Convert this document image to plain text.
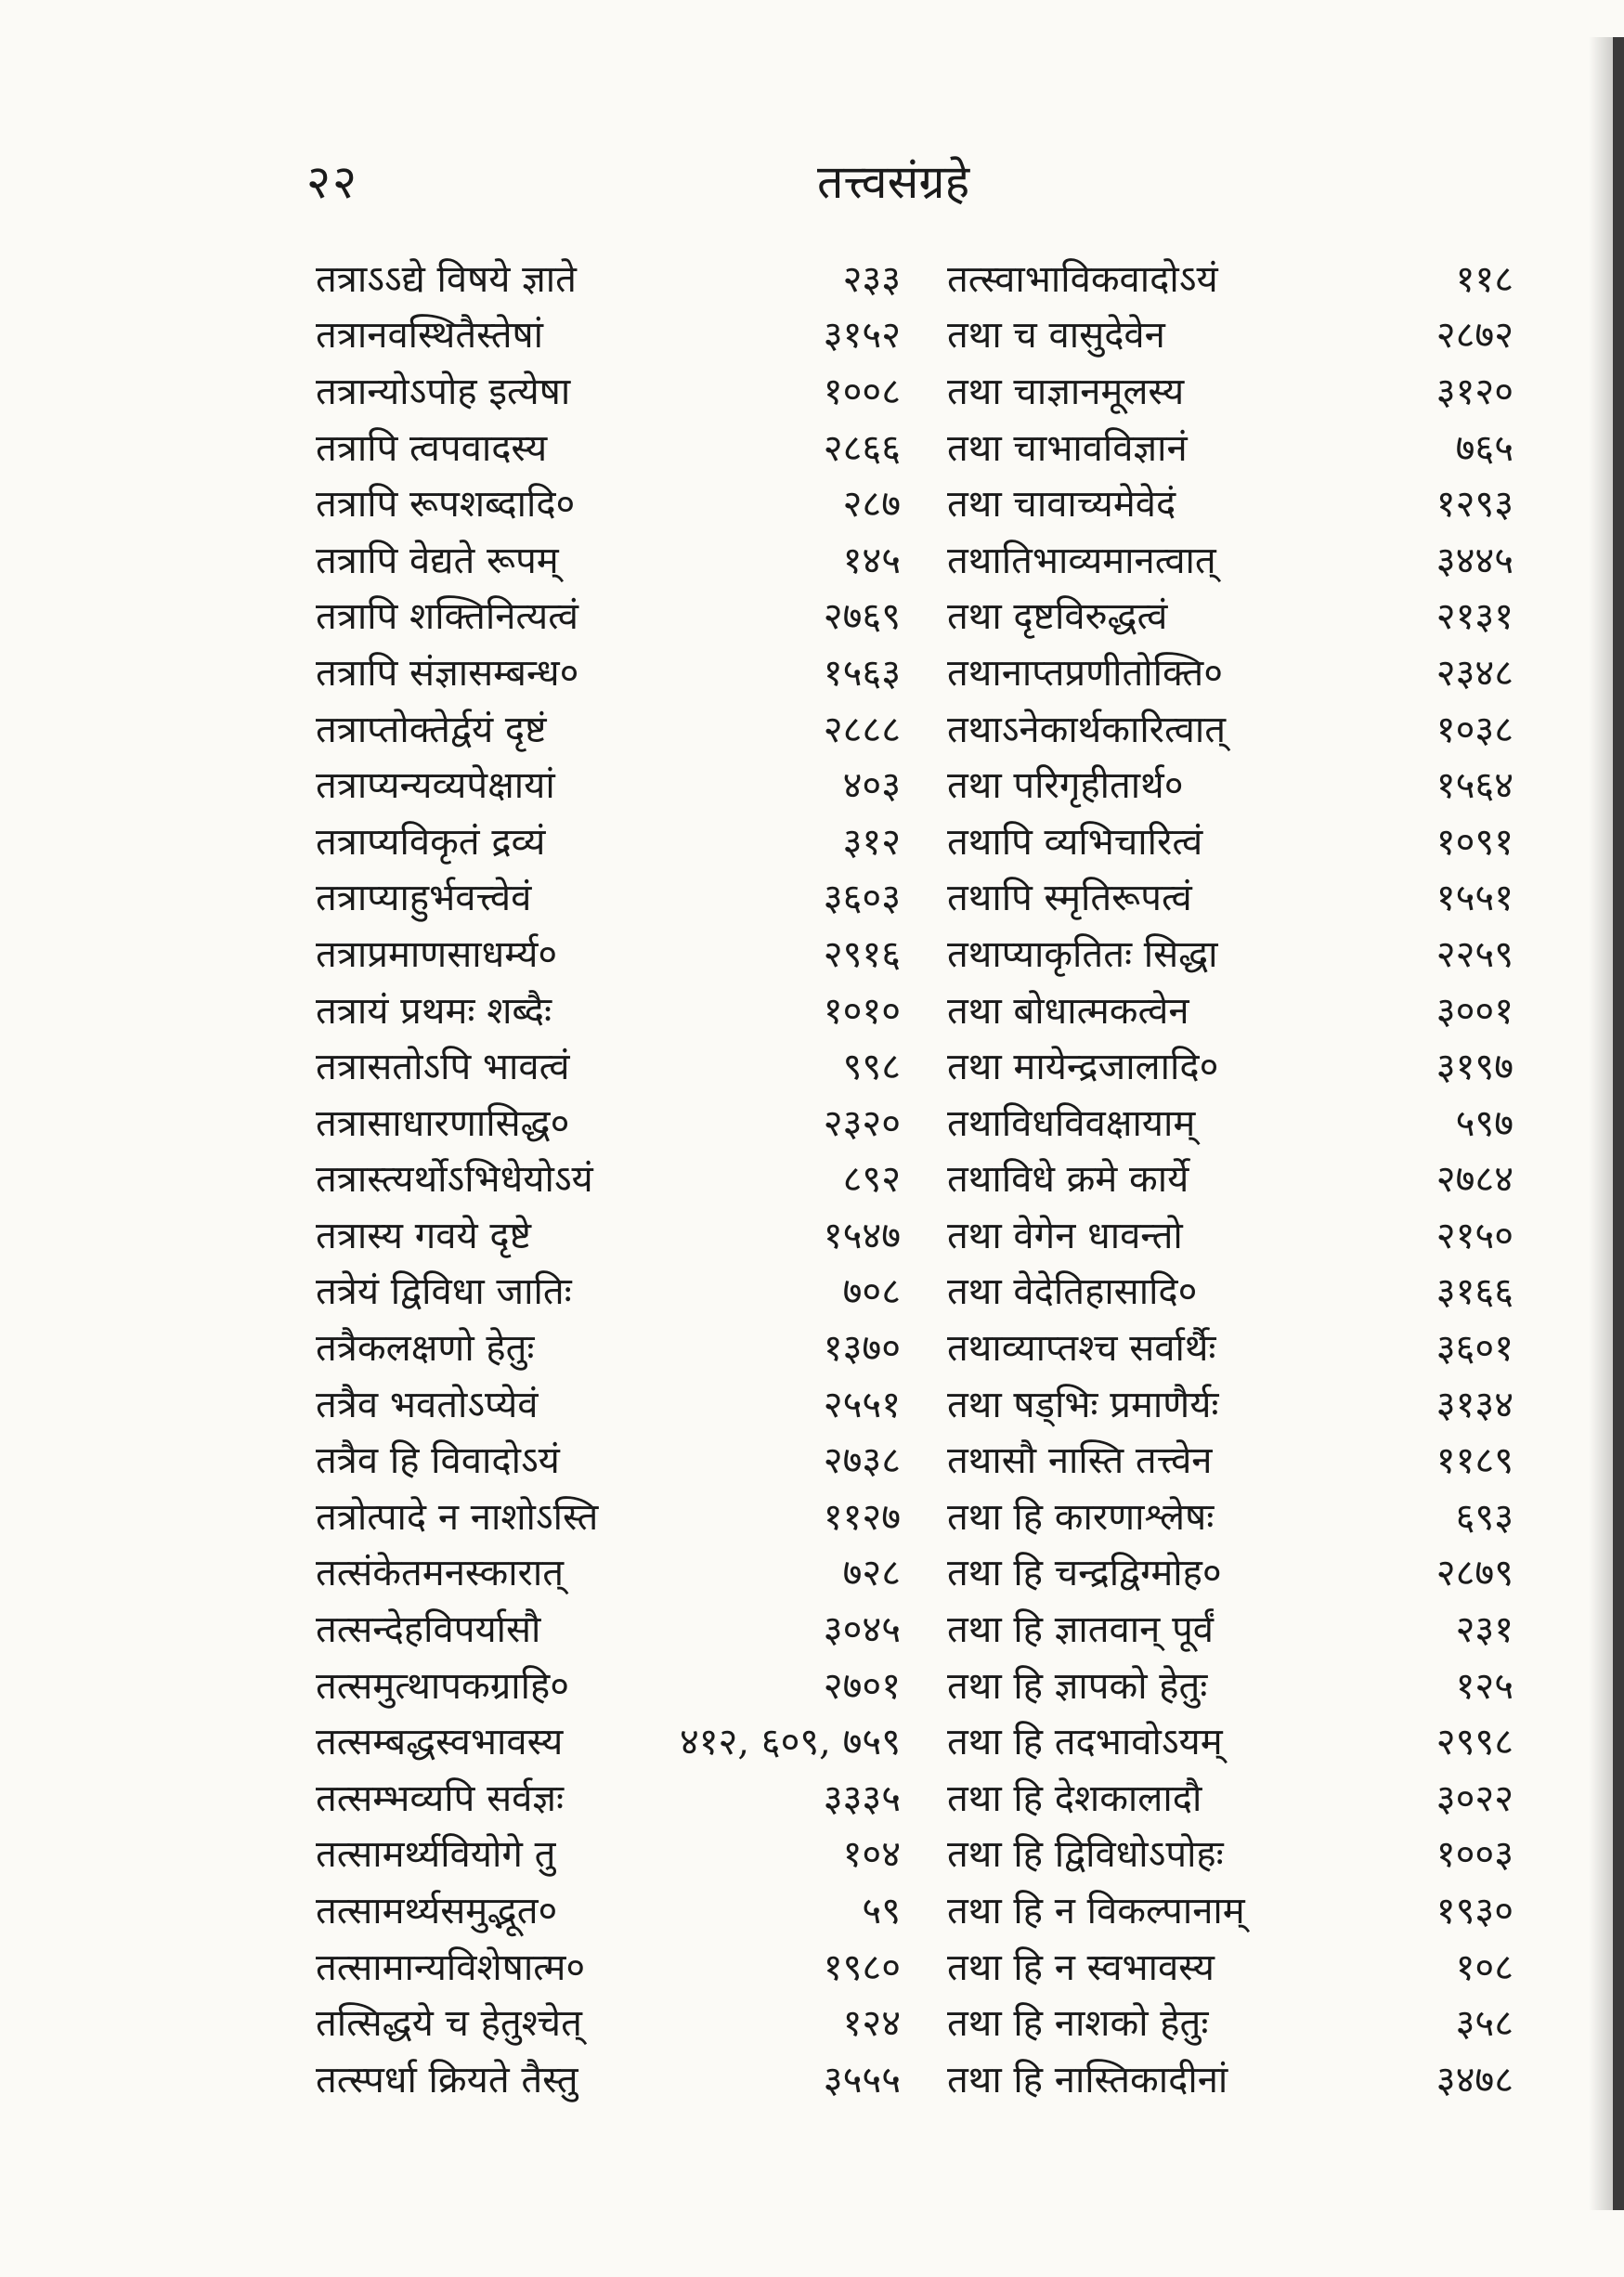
२२	तत्त्वसंग्रहे
तत्राऽऽद्ये विषये ज्ञाते	२३३
तत्रानवस्थितैस्तेषां	३१५२
तत्रान्योऽपोह इत्येषा	१००८
तत्रापि त्वपवादस्य	२८६६
तत्रापि रूपशब्दादि०	२८७
तत्रापि वेद्यते रूपम्	१४५
तत्रापि शक्तिनित्यत्वं	२७६९
तत्रापि संज्ञासम्बन्ध०	१५६३
तत्राप्तोक्तेर्द्वयं दृष्टं	२८८८
तत्राप्यन्यव्यपेक्षायां	४०३
तत्राप्यविकृतं द्रव्यं	३१२
तत्राप्याहुर्भवत्त्वेवं	३६०३
तत्राप्रमाणसाधर्म्य०	२९१६
तत्रायं प्रथमः शब्दैः	१०१०
तत्रासतोऽपि भावत्वं	९९८
तत्रासाधारणासिद्ध०	२३२०
तत्रास्त्यर्थोऽभिधेयोऽयं	८९२
तत्रास्य गवये दृष्टे	१५४७
तत्रेयं द्विविधा जातिः	७०८
तत्रैकलक्षणो हेतुः	१३७०
तत्रैव भवतोऽप्येवं	२५५१
तत्रैव हि विवादोऽयं	२७३८
तत्रोत्पादे न नाशोऽस्ति	११२७
तत्संकेतमनस्कारात्	७२८
तत्सन्देहविपर्यासौ	३०४५
तत्समुत्थापकग्राहि०	२७०१
तत्सम्बद्धस्वभावस्य	४१२, ६०९, ७५९
तत्सम्भव्यपि सर्वज्ञः	३३३५
तत्सामर्थ्यवियोगे तु	१०४
तत्सामर्थ्यसमुद्भूत०	५९
तत्सामान्यविशेषात्म०	१९८०
तत्सिद्धये च हेतुश्चेत्	१२४
तत्स्पर्धा क्रियते तैस्तु	३५५५
तत्स्वाभाविकवादोऽयं	११८
तथा च वासुदेवेन	२८७२
तथा चाज्ञानमूलस्य	३१२०
तथा चाभावविज्ञानं	७६५
तथा चावाच्यमेवेदं	१२९३
तथातिभाव्यमानत्वात्	३४४५
तथा दृष्टविरुद्धत्वं	२१३१
तथानाप्तप्रणीतोक्ति०	२३४८
तथाऽनेकार्थकारित्वात्	१०३८
तथा परिगृहीतार्थ०	१५६४
तथापि व्यभिचारित्वं	१०९१
तथापि स्मृतिरूपत्वं	१५५१
तथाप्याकृतितः सिद्धा	२२५९
तथा बोधात्मकत्वेन	३००१
तथा मायेन्द्रजालादि०	३१९७
तथाविधविवक्षायाम्	५९७
तथाविधे क्रमे कार्ये	२७८४
तथा वेगेन धावन्तो	२१५०
तथा वेदेतिहासादि०	३१६६
तथाव्याप्तश्च सर्वार्थैः	३६०१
तथा षड्भिः प्रमाणैर्यः	३१३४
तथासौ नास्ति तत्त्वेन	११८९
तथा हि कारणाश्लेषः	६९३
तथा हि चन्द्रद्विग्मोह०	२८७९
तथा हि ज्ञातवान् पूर्वं	२३१
तथा हि ज्ञापको हेतुः	१२५
तथा हि तदभावोऽयम्	२९९८
तथा हि देशकालादौ	३०२२
तथा हि द्विविधोऽपोहः	१००३
तथा हि न विकल्पानाम्	१९३०
तथा हि न स्वभावस्य	१०८
तथा हि नाशको हेतुः	३५८
तथा हि नास्तिकादीनां	३४७८
